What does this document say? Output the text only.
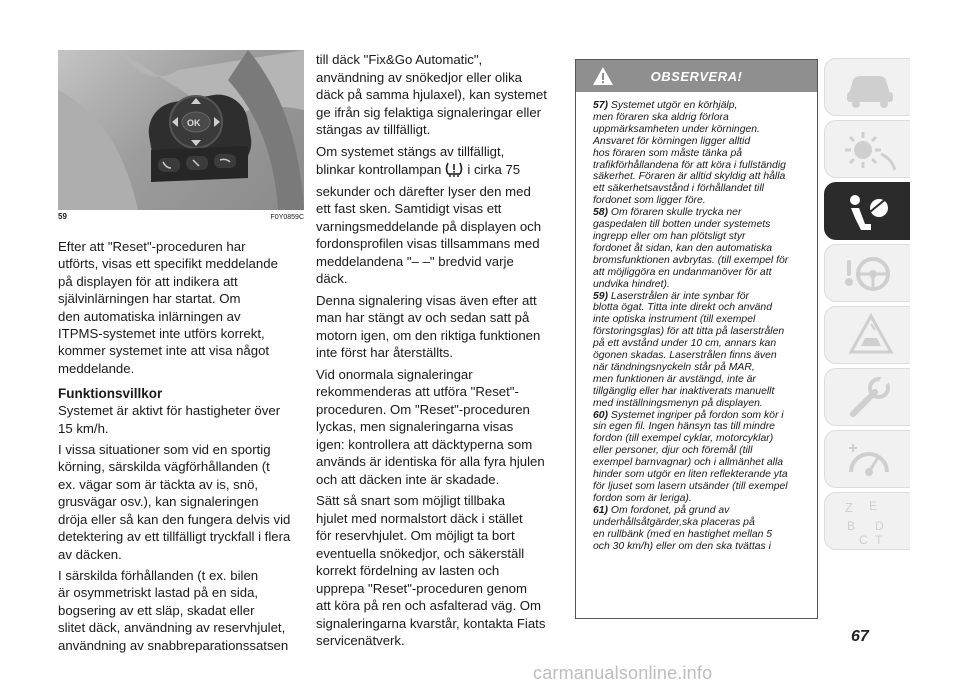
OK
59	F0Y0859C
Efter att "Reset"-proceduren har
utförts, visas ett specifikt meddelande
på displayen för att indikera att
självinlärningen har startat. Om
den automatiska inlärningen av
ITPMS-systemet inte utförs korrekt,
kommer systemet inte att visa något
meddelande.
Funktionsvillkor
Systemet är aktivt för hastigheter över
15 km/h.
I vissa situationer som vid en sportig
körning, särskilda vägförhållanden (t
ex. vägar som är täckta av is, snö,
grusvägar osv.), kan signaleringen
dröja eller så kan den fungera delvis vid
detektering av ett tillfälligt tryckfall i flera
av däcken.
I särskilda förhållanden (t ex. bilen
är osymmetriskt lastad på en sida,
bogsering av ett släp, skadat eller
slitet däck, användning av reservhjulet,
användning av snabbreparationssatsen
till däck "Fix&Go Automatic",
användning av snökedjor eller olika
däck på samma hjulaxel), kan systemet
ge ifrån sig felaktiga signaleringar eller
stängas av tillfälligt.
Om systemet stängs av tillfälligt,
blinkar kontrollampan i cirka 75
sekunder och därefter lyser den med
ett fast sken. Samtidigt visas ett
varningsmeddelande på displayen och
fordonsprofilen visas tillsammans med
meddelandena "– –" bredvid varje
däck.
Denna signalering visas även efter att
man har stängt av och sedan satt på
motorn igen, om den riktiga funktionen
inte först har återställts.
Vid onormala signaleringar
rekommenderas att utföra "Reset"-
proceduren. Om "Reset"-proceduren
lyckas, men signaleringarna visas
igen: kontrollera att däcktyperna som
används är identiska för alla fyra hjulen
och att däcken inte är skadade.
Sätt så snart som möjligt tillbaka
hjulet med normalstort däck i stället
för reservhjulet. Om möjligt ta bort
eventuella snökedjor, och säkerställ
korrekt fördelning av lasten och
upprepa "Reset"-proceduren genom
att köra på ren och asfalterad väg. Om
signaleringarna kvarstår, kontakta Fiats
servicenätverk.
OBSERVERA!
57) Systemet utgör en körhjälp,
men föraren ska aldrig förlora
uppmärksamheten under körningen.
Ansvaret för körningen ligger alltid
hos föraren som måste tänka på
trafikförhållandena för att köra i fullständig
säkerhet. Föraren är alltid skyldig att hålla
ett säkerhetsavstånd i förhållandet till
fordonet som ligger före.
58) Om föraren skulle trycka ner
gaspedalen till botten under systemets
ingrepp eller om han plötsligt styr
fordonet åt sidan, kan den automatiska
bromsfunktionen avbrytas. (till exempel för
att möjliggöra en undanmanöver för att
undvika hindret).
59) Laserstrålen är inte synbar för
blotta ögat. Titta inte direkt och använd
inte optiska instrument (till exempel
förstoringsglas) för att titta på laserstrålen
på ett avstånd under 10 cm, annars kan
ögonen skadas. Laserstrålen finns även
när tändningsnyckeln står på MAR,
men funktionen är avstängd, inte är
tillgänglig eller har inaktiverats manuellt
med inställningsmenyn på displayen.
60) Systemet ingriper på fordon som kör i
sin egen fil. Ingen hänsyn tas till mindre
fordon (till exempel cyklar, motorcyklar)
eller personer, djur och föremål (till
exempel barnvagnar) och i allmänhet alla
hinder som utgör en liten reflekterande yta
för ljuset som lasern utsänder (till exempel
fordon som är leriga).
61) Om fordonet, på grund av
underhållsåtgärder,ska placeras på
en rullbänk (med en hastighet mellan 5
och 30 km/h) eller om den ska tvättas i
Z E
B
C
D
T
67
carmanualsonline.info
